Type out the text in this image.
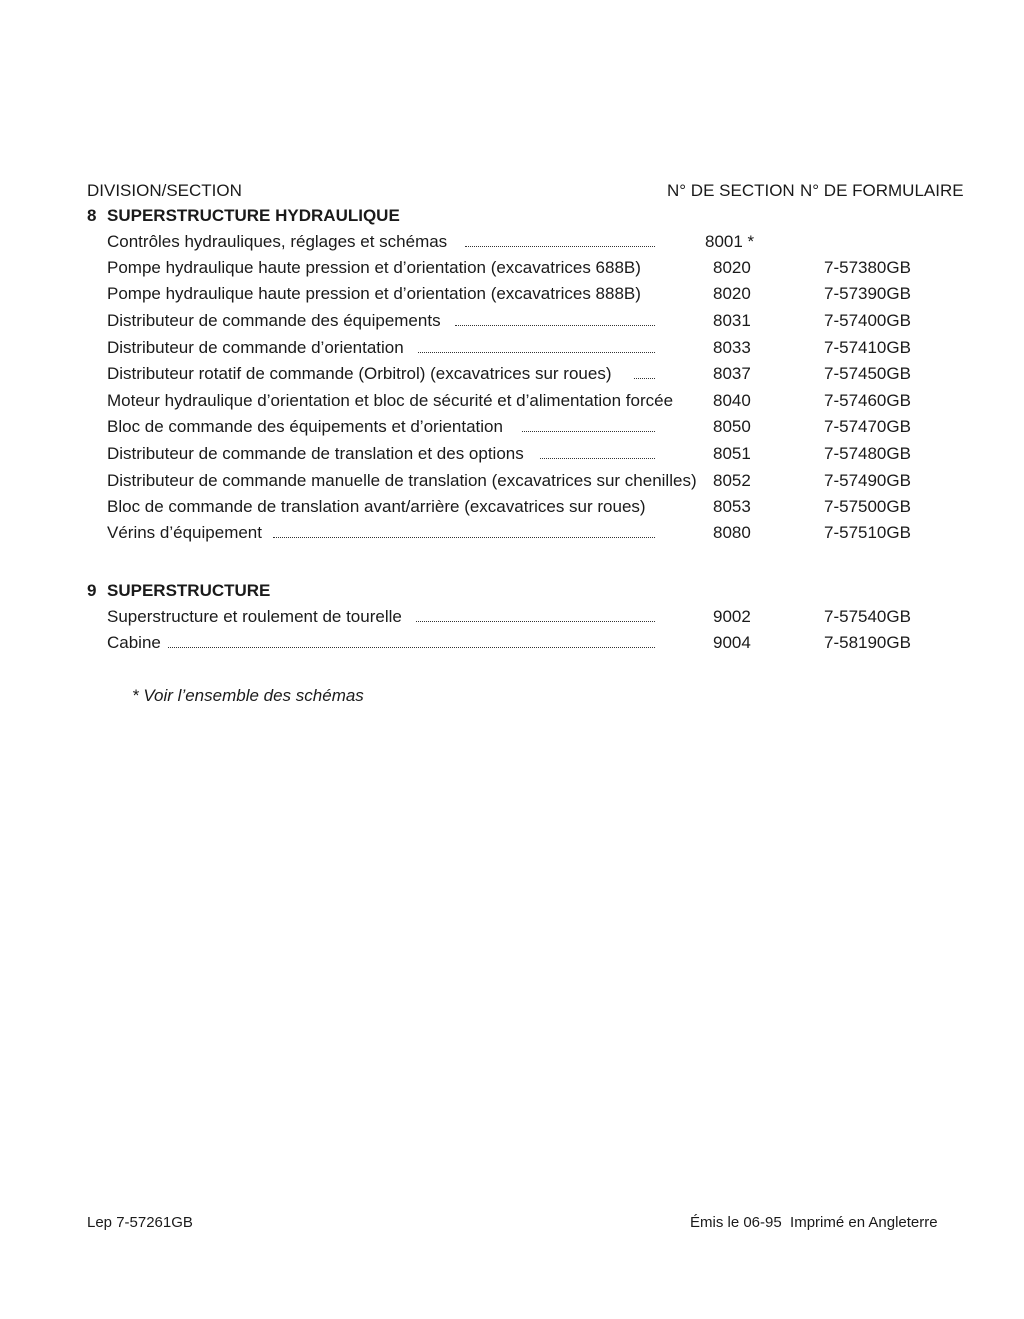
DIVISION/SECTION	N° DE SECTION N° DE FORMULAIRE
8 SUPERSTRUCTURE HYDRAULIQUE
Contrôles hydrauliques, réglages et schémas	8001 *
Pompe hydraulique haute pression et d’orientation (excavatrices 688B)	8020	7-57380GB
Pompe hydraulique haute pression et d’orientation (excavatrices 888B)	8020	7-57390GB
Distributeur de commande des équipements	8031	7-57400GB
Distributeur de commande d’orientation	8033	7-57410GB
Distributeur rotatif de commande (Orbitrol) (excavatrices sur roues)	8037	7-57450GB
Moteur hydraulique d’orientation et bloc de sécurité et d’alimentation forcée 8040	7-57460GB
Bloc de commande des équipements et d’orientation	8050	7-57470GB
Distributeur de commande de translation et des options	8051	7-57480GB
Distributeur de commande manuelle de translation (excavatrices sur chenilles) 8052	7-57490GB
Bloc de commande de translation avant/arrière (excavatrices sur roues)	8053	7-57500GB
Vérins d’équipement	8080	7-57510GB
9 SUPERSTRUCTURE
Superstructure et roulement de tourelle	9002	7-57540GB
Cabine	9004	7-58190GB
* Voir l’ensemble des schémas
Lep 7-57261GB	Émis le 06-95  Imprimé en Angleterre
